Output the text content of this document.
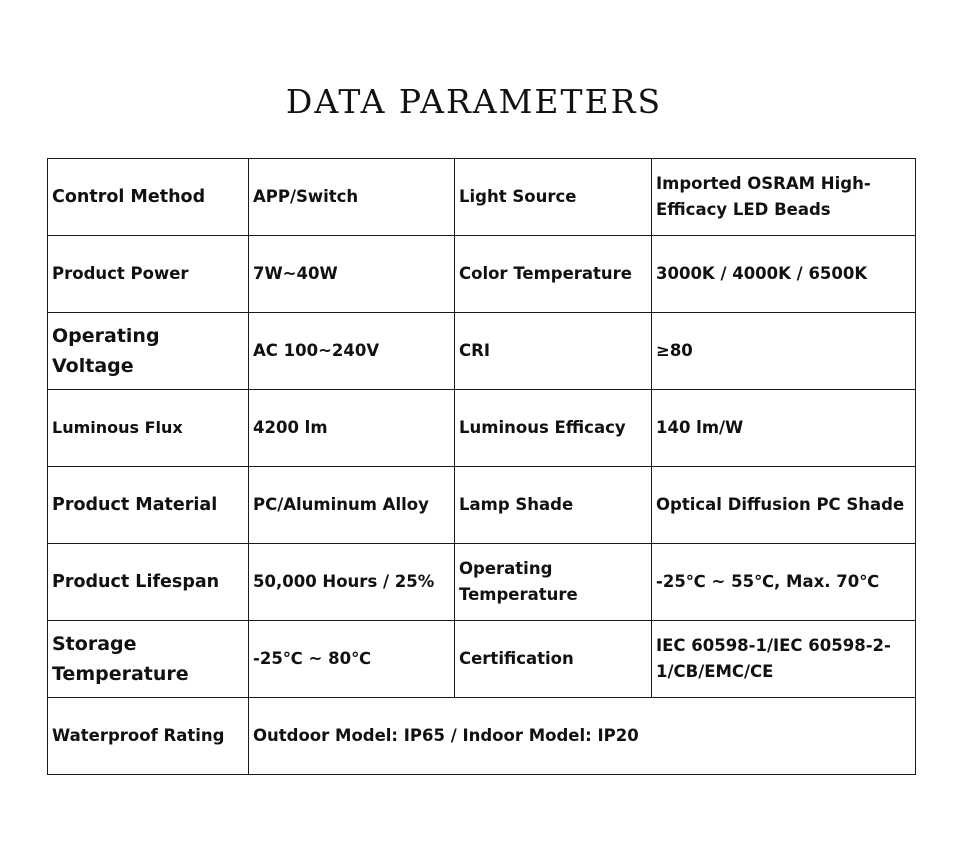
DATA PARAMETERS
Control Method	APP/Switch	Light Source	Imported OSRAM High-Efficacy LED Beads
Product Power	7W~40W	Color Temperature	3000K / 4000K / 6500K
Operating Voltage	AC 100~240V	CRI	≥80
Luminous Flux	4200 lm	Luminous Efficacy	140 lm/W
Product Material	PC/Aluminum Alloy	Lamp Shade	Optical Diffusion PC Shade
Product Lifespan	50,000 Hours / 25%	Operating Temperature	-25℃ ~ 55℃, Max. 70℃
Storage Temperature	-25℃ ~ 80℃	Certification	IEC 60598-1/IEC 60598-2-1/CB/EMC/CE
Waterproof Rating	Outdoor Model: IP65 / Indoor Model: IP20		
